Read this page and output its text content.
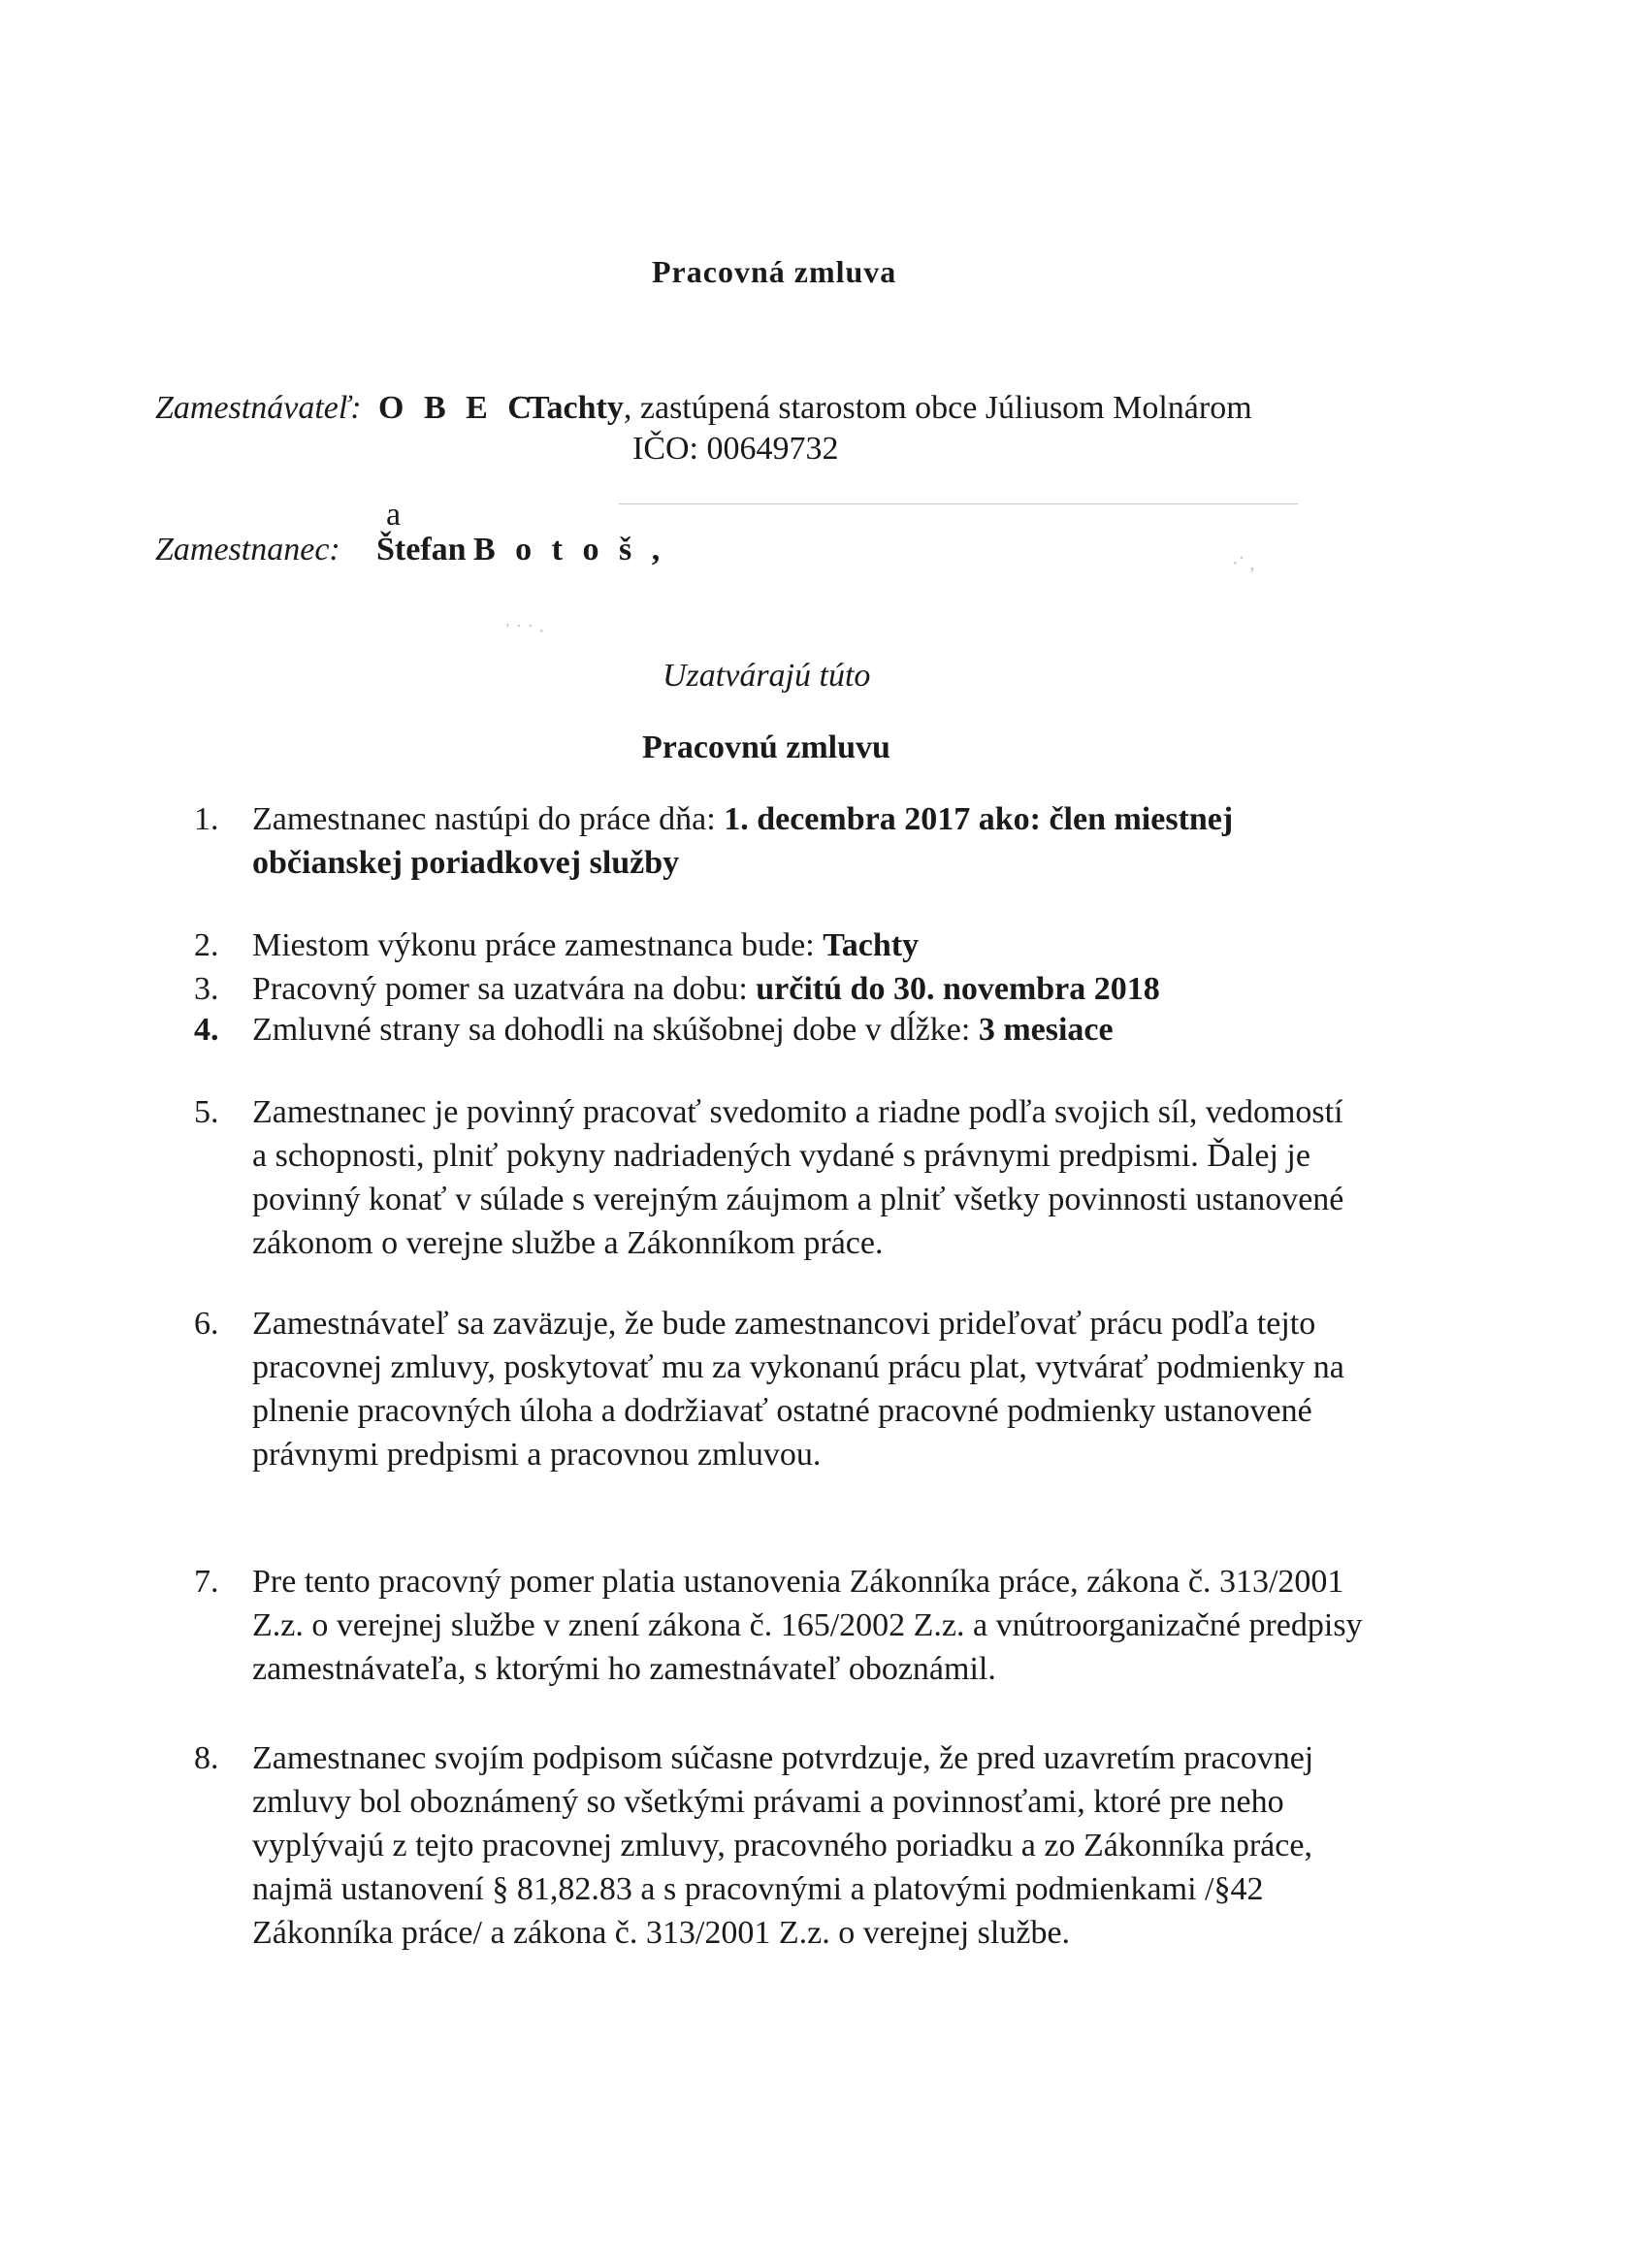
Pracovná zmluva
Zamestnávateľ: O B E C
Tachty, zastúpená starostom obce Júliusom Molnárom
IČO: 00649732
a
Zamestnanec: Štefan B o t o š ,
᾿ ˙ ˙ ·
·˙ ,
Uzatvárajú túto
Pracovnú zmluvu
1. Zamestnanec nastúpi do práce dňa: 1. decembra 2017 ako: člen miestnej
občianskej poriadkovej služby
2. Miestom výkonu práce zamestnanca bude: Tachty
3. Pracovný pomer sa uzatvára na dobu: určitú do 30. novembra 2018
4. Zmluvné strany sa dohodli na skúšobnej dobe v dĺžke: 3 mesiace
5. Zamestnanec je povinný pracovať svedomito a riadne podľa svojich síl, vedomostí
a schopnosti, plniť pokyny nadriadených vydané s právnymi predpismi. Ďalej je
povinný konať v súlade s verejným záujmom a plniť všetky povinnosti ustanovené
zákonom o verejne službe a Zákonníkom práce.
6. Zamestnávateľ sa zaväzuje, že bude zamestnancovi prideľovať prácu podľa tejto
pracovnej zmluvy, poskytovať mu za vykonanú prácu plat, vytvárať podmienky na
plnenie pracovných úloha a dodržiavať ostatné pracovné podmienky ustanovené
právnymi predpismi a pracovnou zmluvou.
7. Pre tento pracovný pomer platia ustanovenia Zákonníka práce, zákona č. 313/2001
Z.z. o verejnej službe v znení zákona č. 165/2002 Z.z. a vnútroorganizačné predpisy
zamestnávateľa, s ktorými ho zamestnávateľ oboznámil.
8. Zamestnanec svojím podpisom súčasne potvrdzuje, že pred uzavretím pracovnej
zmluvy bol oboznámený so všetkými právami a povinnosťami, ktoré pre neho
vyplývajú z tejto pracovnej zmluvy, pracovného poriadku a zo Zákonníka práce,
najmä ustanovení § 81,82.83 a s pracovnými a platovými podmienkami /§42
Zákonníka práce/ a zákona č. 313/2001 Z.z. o verejnej službe.
